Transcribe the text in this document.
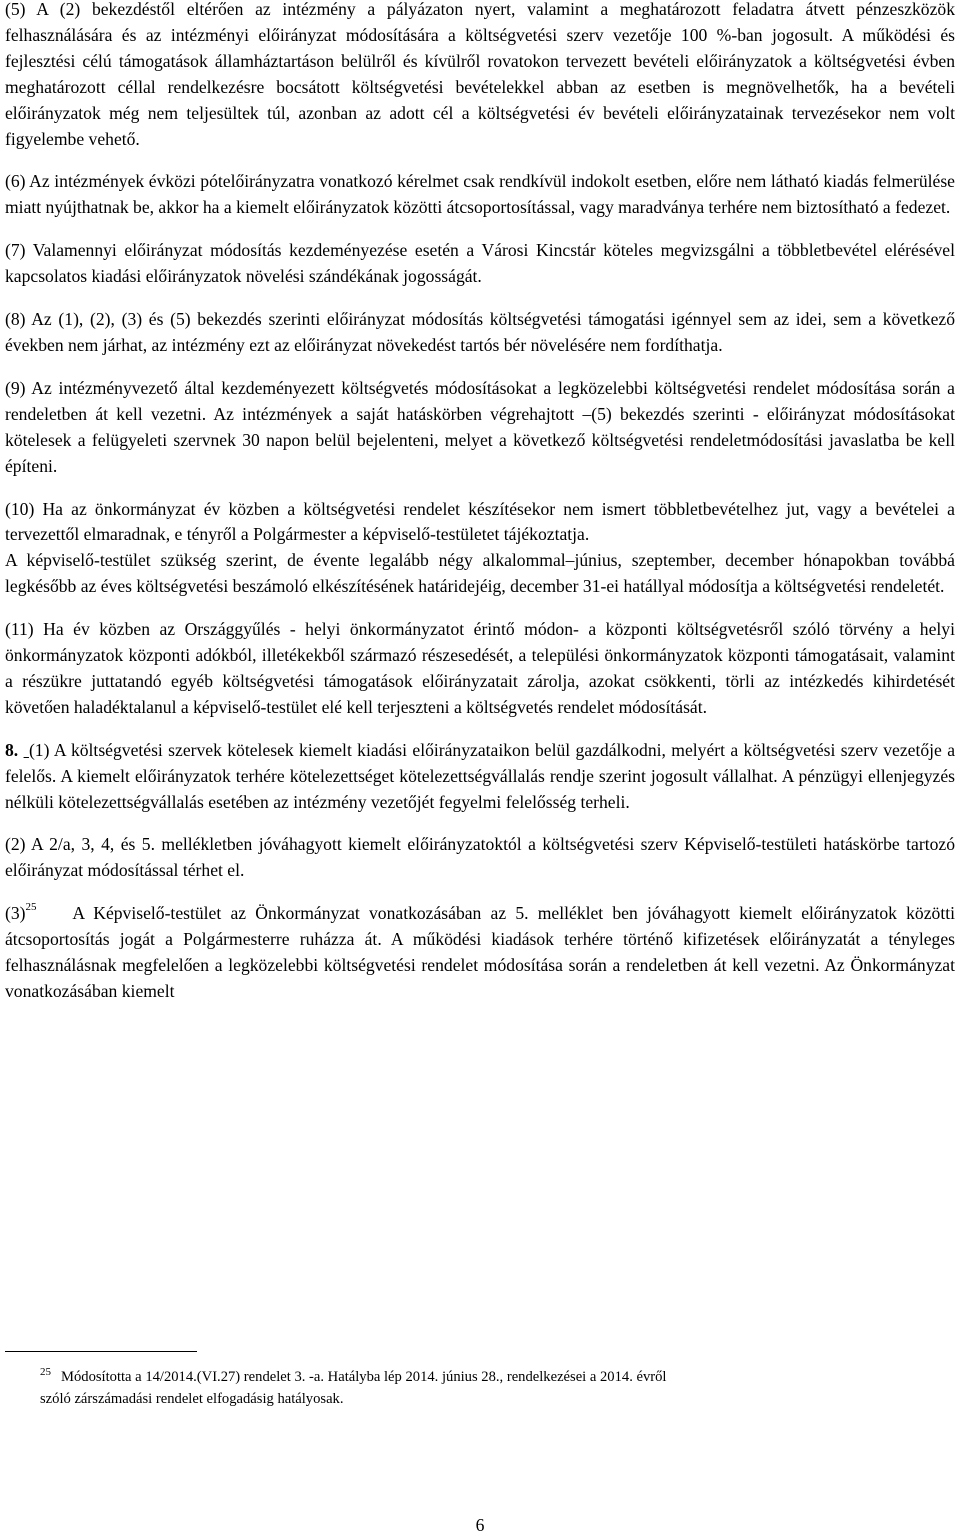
(5) A (2) bekezdéstől eltérően az intézmény a pályázaton nyert, valamint a meghatározott feladatra átvett pénzeszközök felhasználására és az intézményi előirányzat módosítására a költségvetési szerv vezetője 100 %-ban jogosult. A működési és fejlesztési célú támogatások államháztartáson belülről és kívülről rovatokon tervezett bevételi előirányzatok a költségvetési évben meghatározott céllal rendelkezésre bocsátott költségvetési bevételekkel abban az esetben is megnövelhetők, ha a bevételi előirányzatok még nem teljesültek túl, azonban az adott cél a költségvetési év bevételi előirányzatainak tervezésekor nem volt figyelembe vehető.

(6) Az intézmények évközi pótelőirányzatra vonatkozó kérelmet csak rendkívül indokolt esetben, előre nem látható kiadás felmerülése miatt nyújthatnak be, akkor ha a kiemelt előirányzatok közötti átcsoportosítással, vagy maradványa terhére nem biztosítható a fedezet.

(7) Valamennyi előirányzat módosítás kezdeményezése esetén a Városi Kincstár köteles megvizsgálni a többletbevétel elérésével kapcsolatos kiadási előirányzatok növelési szándékának jogosságát.

(8) Az (1), (2), (3) és (5) bekezdés szerinti előirányzat módosítás költségvetési támogatási igénnyel sem az idei, sem a következő években nem járhat, az intézmény ezt az előirányzat növekedést tartós bér növelésére nem fordíthatja.

(9) Az intézményvezető által kezdeményezett költségvetés módosításokat a legközelebbi költségvetési rendelet módosítása során a rendeletben át kell vezetni. Az intézmények a saját hatáskörben végrehajtott –(5) bekezdés szerinti - előirányzat módosításokat kötelesek a felügyeleti szervnek 30 napon belül bejelenteni, melyet a következő költségvetési rendeletmódosítási javaslatba be kell építeni.

(10) Ha az önkormányzat év közben a költségvetési rendelet készítésekor nem ismert többletbevételhez jut, vagy a bevételei a tervezettől elmaradnak, e tényről a Polgármester a képviselő-testületet tájékoztatja.

A képviselő-testület szükség szerint, de évente legalább négy alkalommal–június, szeptember, december hónapokban továbbá legkésőbb az éves költségvetési beszámoló elkészítésének határidejéig, december 31-ei hatállyal módosítja a költségvetési rendeletét.

(11) Ha év közben az Országgyűlés - helyi önkormányzatot érintő módon- a központi költségvetésről szóló törvény a helyi önkormányzatok központi adókból, illetékekből származó részesedését, a települési önkormányzatok központi támogatásait, valamint a részükre juttatandó egyéb költségvetési támogatások előirányzatait zárolja, azokat csökkenti, törli az intézkedés kihirdetését követően haladéktalanul a képviselő-testület elé kell terjeszteni a költségvetés rendelet módosítását.

8. (1) A költségvetési szervek kötelesek kiemelt kiadási előirányzataikon belül gazdálkodni, melyért a költségvetési szerv vezetője a felelős. A kiemelt előirányzatok terhére kötelezettséget kötelezettségvállalás rendje szerint jogosult vállalhat. A pénzügyi ellenjegyzés nélküli kötelezettségvállalás esetében az intézmény vezetőjét fegyelmi felelősség terheli.

(2) A 2/a, 3, 4, és 5. mellékletben jóváhagyott kiemelt előirányzatoktól a költségvetési szerv Képviselő-testületi hatáskörbe tartozó előirányzat módosítással térhet el.

$(3)^{25}$ A Képviselő-testület az Önkormányzat vonatkozásában az 5. melléklet ben jóváhagyott kiemelt előirányzatok közötti átcsoportosítás jogát a Polgármesterre ruházza át. A működési kiadások terhére történő kifizetések előirányzatát a tényleges felhasználásnak megfelelően a legközelebbi költségvetési rendelet módosítása során a rendeletben át kell vezetni. Az Önkormányzat vonatkozásában kiemelt

$^{25}$ Módosította a 14/2014.(VI.27) rendelet 3. -a. Hatályba lép 2014. június 28., rendelkezései a 2014. évről
szóló zárszámadási rendelet elfogadásig hatályosak.

6
